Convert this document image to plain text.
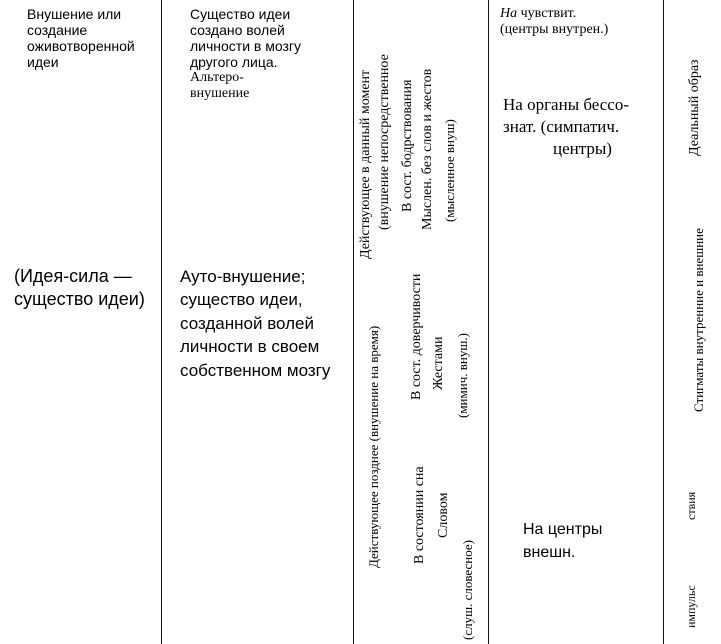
Внушение или
создание
оживотворенной
идеи
(Идея-сила —
существо идеи)
Существо идеи
создано волей
личности в мозгу
другого лица.
Альтеро-
внушение
Ауто-внушение;
существо идеи,
созданной волей
личности в своем
собственном мозгу
Действующее в данный момент (внушение непосредственное В сост. бодрствования Мыслен. без слов и жестов (мысленное внуш)
Действующее позднее (внушение на время) В сост. доверчивости Жестами (мимич. внуш.)
В состоянии сна Словом
(слуш. словесное)
На чувствит.
(центры внутрен.)
На органы бессо-
знат. (симпатич.
центры)
На центры
внешн.
Деальный образ
Стигматы внутренние и внешние
ствия
импульс
